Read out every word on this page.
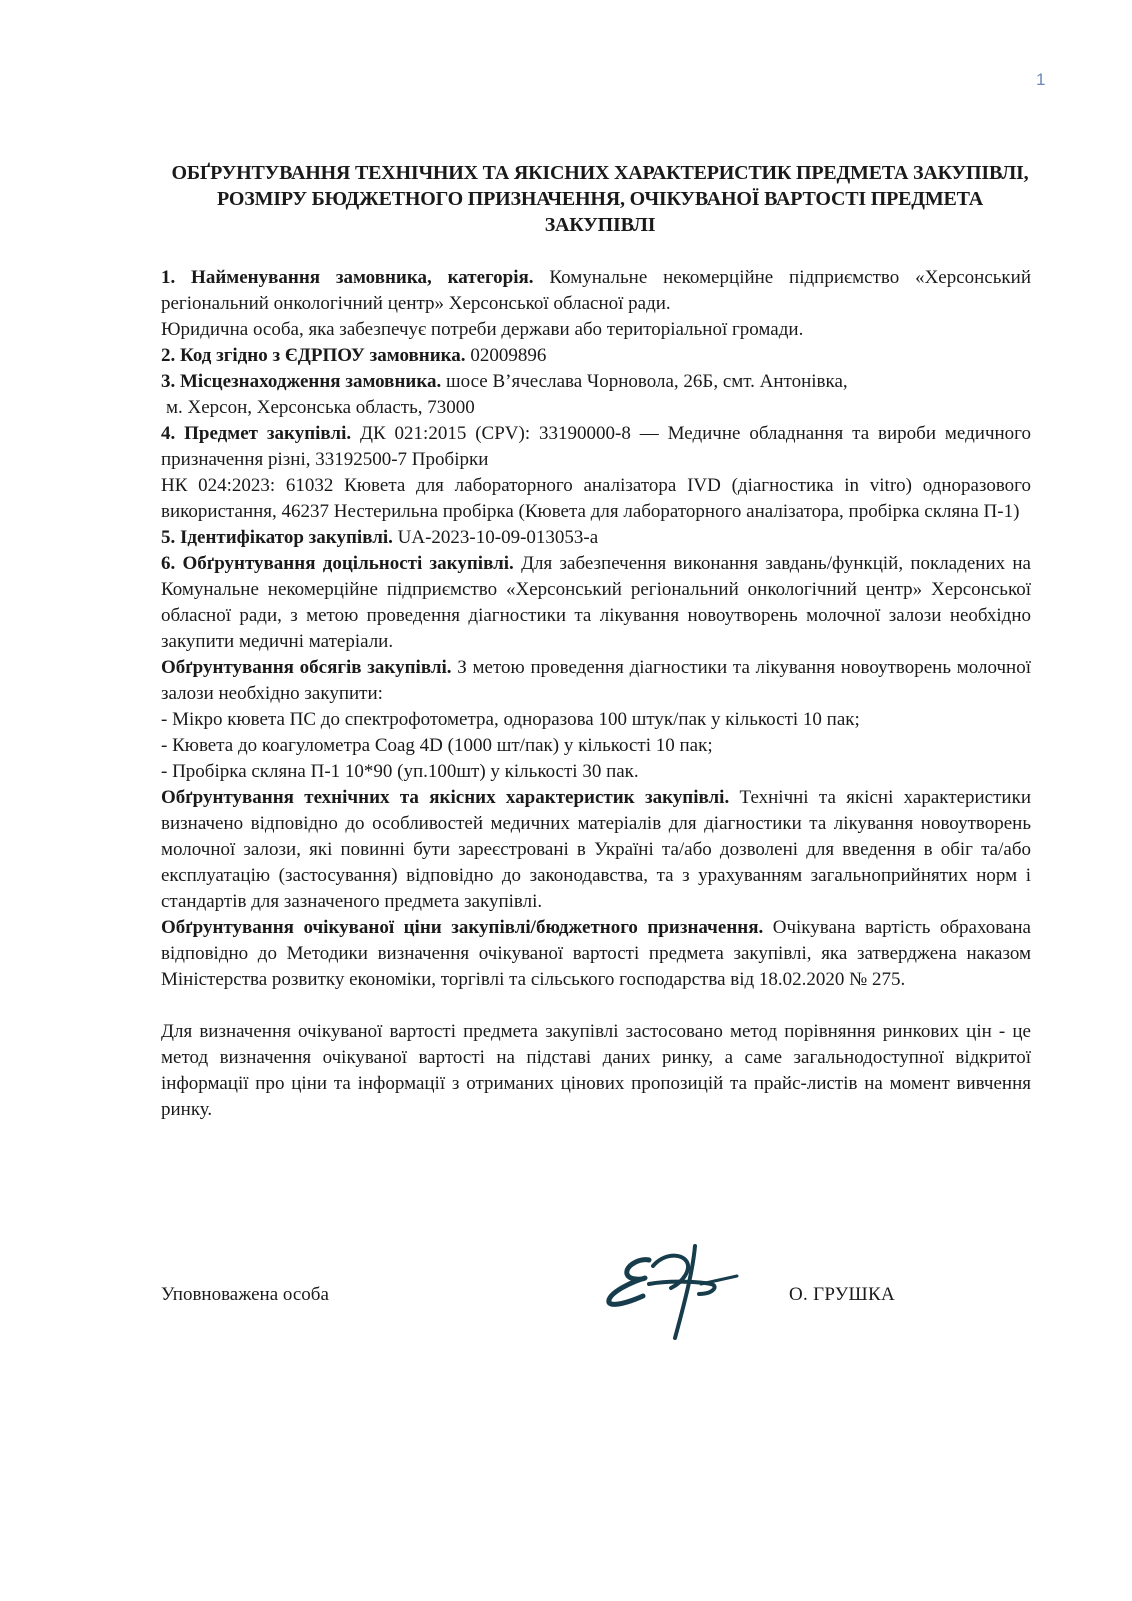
1
ОБҐРУНТУВАННЯ ТЕХНІЧНИХ ТА ЯКІСНИХ ХАРАКТЕРИСТИК ПРЕДМЕТА ЗАКУПІВЛІ, РОЗМІРУ БЮДЖЕТНОГО ПРИЗНАЧЕННЯ, ОЧІКУВАНОЇ ВАРТОСТІ ПРЕДМЕТА ЗАКУПІВЛІ

1. Найменування замовника, категорія. Комунальне некомерційне підприємство «Херсонський регіональний онкологічний центр» Херсонської обласної ради.

Юридична особа, яка забезпечує потреби держави або територіальної громади.

2. Код згідно з ЄДРПОУ замовника. 02009896

3. Місцезнаходження замовника. шосе В’ячеслава Чорновола, 26Б, смт. Антонівка,

м. Херсон, Херсонська область, 73000

4. Предмет закупівлі. ДК 021:2015 (CPV): 33190000-8 — Медичне обладнання та вироби медичного призначення різні, 33192500-7 Пробірки

НК 024:2023: 61032 Кювета для лабораторного аналізатора IVD (діагностика in vitro) одноразового використання, 46237 Нестерильна пробірка (Кювета для лабораторного аналізатора, пробірка скляна П-1)

5. Ідентифікатор закупівлі. UA-2023-10-09-013053-a

6. Обґрунтування доцільності закупівлі. Для забезпечення виконання завдань/функцій, покладених на Комунальне некомерційне підприємство «Херсонський регіональний онкологічний центр» Херсонської обласної ради, з метою проведення діагностики та лікування новоутворень молочної залози необхідно закупити медичні матеріали.

Обґрунтування обсягів закупівлі. З метою проведення діагностики та лікування новоутворень молочної залози необхідно закупити:

- Мікро кювета ПС до спектрофотометра, одноразова 100 штук/пак у кількості 10 пак;

- Кювета до коагулометра Coag 4D (1000 шт/пак) у кількості 10 пак;

- Пробірка скляна П-1 10*90 (уп.100шт) у кількості 30 пак.

Обґрунтування технічних та якісних характеристик закупівлі. Технічні та якісні характеристики визначено відповідно до особливостей медичних матеріалів для діагностики та лікування новоутворень молочної залози, які повинні бути зареєстровані в Україні та/або дозволені для введення в обіг та/або експлуатацію (застосування) відповідно до законодавства, та з урахуванням загальноприйнятих норм і стандартів для зазначеного предмета закупівлі.

Обґрунтування очікуваної ціни закупівлі/бюджетного призначення. Очікувана вартість обрахована відповідно до Методики визначення очікуваної вартості предмета закупівлі, яка затверджена наказом Міністерства розвитку економіки, торгівлі та сільського господарства від 18.02.2020 № 275.

Для визначення очікуваної вартості предмета закупівлі застосовано метод порівняння ринкових цін - це метод визначення очікуваної вартості на підставі даних ринку, а саме загальнодоступної відкритої інформації про ціни та інформації з отриманих цінових пропозицій та прайс-листів на момент вивчення ринку.

Уповноважена особа	О. ГРУШКА
